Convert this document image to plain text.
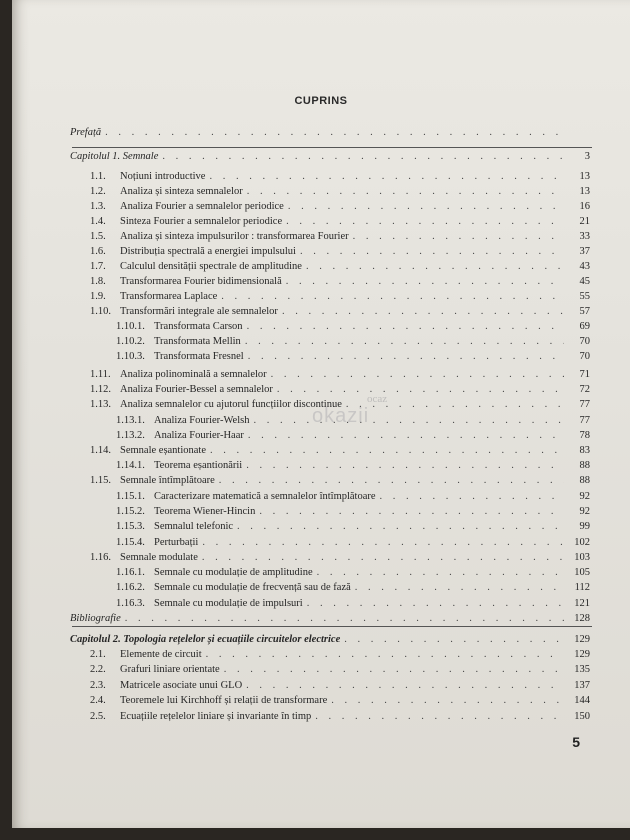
CUPRINS
Prefață
. . .
Capitolul 1. Semnale . . .	3
1.1.	Noțiuni introductive . . .	13
1.2.	Analiza și sinteza semnalelor . . .	13
1.3.	Analiza Fourier a semnalelor periodice . . .	16
1.4.	Sinteza Fourier a semnalelor periodice . . .	21
1.5.	Analiza și sinteza impulsurilor : transformarea Fourier . . .	33
1.6.	Distribuția spectrală a energiei impulsului . . .	37
1.7.	Calculul densității spectrale de amplitudine . . .	43
1.8.	Transformarea Fourier bidimensională . . .	45
1.9.	Transformarea Laplace . . .	55
1.10. Transformări integrale ale semnalelor . . .	57
1.10.1. Transformata Carson . . .	69
1.10.2. Transformata Mellin . . .	70
1.10.3. Transformata Fresnel . . .	70
1.11. Analiza polinominală a semnalelor . . .	71
1.12. Analiza Fourier-Bessel a semnalelor . . .	72
1.13. Analiza semnalelor cu ajutorul funcțiilor discontinue . . .	77
1.13.1. Analiza Fourier-Welsh . . .	77
1.13.2. Analiza Fourier-Haar . . .	78
1.14. Semnale eșantionate . . .	83
1.14.1. Teorema eșantionării . . .	88
1.15. Semnale întîmplătoare . . .	88
1.15.1. Caracterizare matematică a semnalelor întîmplătoare . . .	92
1.15.2. Teorema Wiener-Hincin . . .	92
1.15.3. Semnalul telefonic . . .	99
1.15.4. Perturbații . . .	102
1.16. Semnale modulate . . .	103
1.16.1. Semnale cu modulație de amplitudine . . .	105
1.16.2. Semnale cu modulație de frecvență sau de fază . . .	112
1.16.3. Semnale cu modulație de impulsuri . . .	121
Bibliografie . . .	128
Capitolul 2. Topologia rețelelor și ecuațiile circuitelor electrice . . .	129
2.1.	Elemente de circuit . . .	129
2.2.	Grafuri liniare orientate . . .	135
2.3.	Matricele asociate unui GLO . . .	137
2.4.	Teoremele lui Kirchhoff și relații de transformare . . .	144
2.5.	Ecuațiile rețelelor liniare și invariante în timp . . .	150
ocaz
okazii
5
